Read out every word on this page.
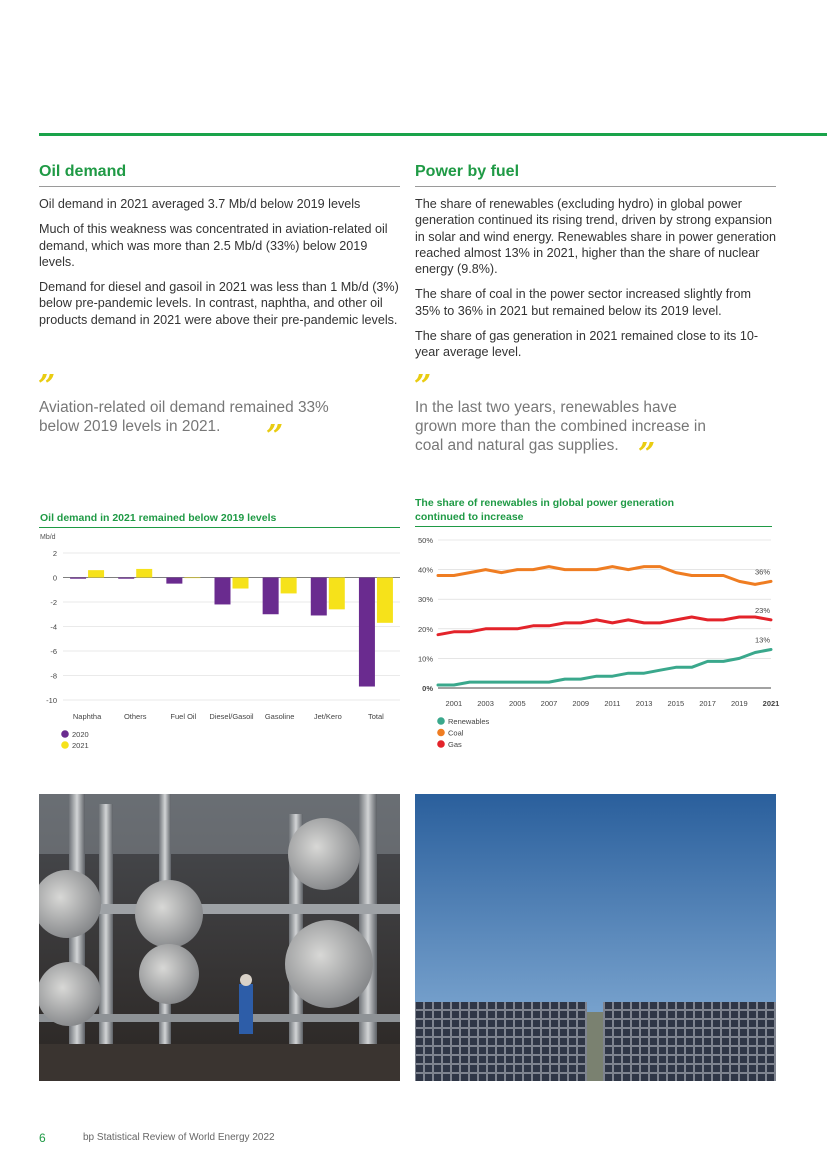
Oil demand

Oil demand in 2021 averaged 3.7 Mb/d below 2019 levels

Much of this weakness was concentrated in aviation-related oil demand, which was more than 2.5 Mb/d (33%) below 2019 levels.

Demand for diesel and gasoil in 2021 was less than 1 Mb/d (3%) below pre-pandemic levels. In contrast, naphtha, and other oil products demand in 2021 were above their pre-pandemic levels.

Power by fuel

The share of renewables (excluding hydro) in global power generation continued its rising trend, driven by strong expansion in solar and wind energy. Renewables share in power generation reached almost 13% in 2021, higher than the share of nuclear energy (9.8%).

The share of coal in the power sector increased slightly from 35% to 36% in 2021 but remained below its 2019 level.

The share of gas generation in 2021 remained close to its 10-year average level.

”

Aviation-related oil demand remained 33% below 2019 levels in 2021.	”
”

In the last two years, renewables have grown more than the combined increase in coal and natural gas supplies. ”

Oil demand in 2021 remained below 2019 levels

Mb/d
2
0
-2
-4
-6
-8
-10
Naphtha	Others	Fuel Oil Diesel/Gasoil Gasoline	Jet/Kero	Total
2020
2021

The share of renewables in global power generation continued to increase

50%
40%
30%
20%
10%
0%
2001 2003 2005 2007 2009 2011 2013 2015 2017 2019 2021
13%
36%
23%
Renewables
Coal
Gas
6	bp Statistical Review of World Energy 2022
